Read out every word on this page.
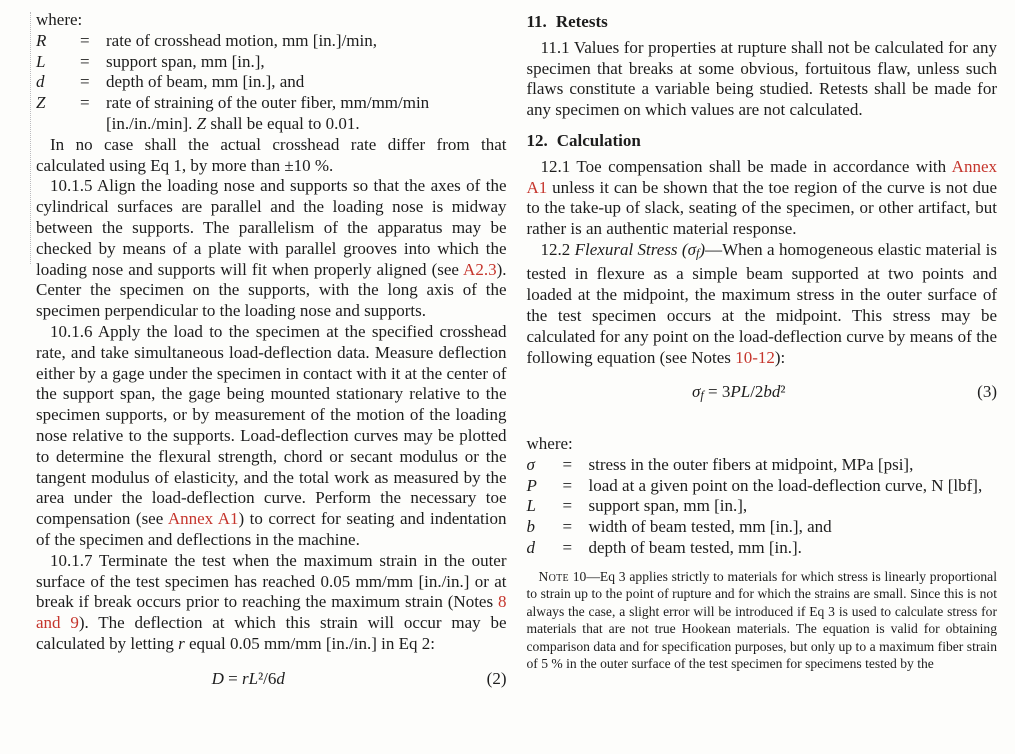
where:

R	= rate of crosshead motion, mm [in.]/min,
L	= support span, mm [in.],
d	= depth of beam, mm [in.], and
Z	= rate of straining of the outer fiber, mm/mm/min [in./in./min]. Z shall be equal to 0.01.

In no case shall the actual crosshead rate differ from that calculated using Eq 1, by more than ±10 %.

10.1.5 Align the loading nose and supports so that the axes of the cylindrical surfaces are parallel and the loading nose is midway between the supports. The parallelism of the apparatus may be checked by means of a plate with parallel grooves into which the loading nose and supports will fit when properly aligned (see A2.3). Center the specimen on the supports, with the long axis of the specimen perpendicular to the loading nose and supports.

10.1.6 Apply the load to the specimen at the specified crosshead rate, and take simultaneous load-deflection data. Measure deflection either by a gage under the specimen in contact with it at the center of the support span, the gage being mounted stationary relative to the specimen supports, or by measurement of the motion of the loading nose relative to the supports. Load-deflection curves may be plotted to determine the flexural strength, chord or secant modulus or the tangent modulus of elasticity, and the total work as measured by the area under the load-deflection curve. Perform the necessary toe compensation (see Annex A1) to correct for seating and indentation of the specimen and deflections in the machine.

10.1.7 Terminate the test when the maximum strain in the outer surface of the test specimen has reached 0.05 mm/mm [in./in.] or at break if break occurs prior to reaching the maximum strain (Notes 8 and 9). The deflection at which this strain will occur may be calculated by letting r equal 0.05 mm/mm [in./in.] in Eq 2:

D = rL²/6d	(2)
11. Retests

11.1 Values for properties at rupture shall not be calculated for any specimen that breaks at some obvious, fortuitous flaw, unless such flaws constitute a variable being studied. Retests shall be made for any specimen on which values are not calculated.

12. Calculation

12.1 Toe compensation shall be made in accordance with Annex A1 unless it can be shown that the toe region of the curve is not due to the take-up of slack, seating of the specimen, or other artifact, but rather is an authentic material response.

12.2 Flexural Stress (σf)—When a homogeneous elastic material is tested in flexure as a simple beam supported at two points and loaded at the midpoint, the maximum stress in the outer surface of the test specimen occurs at the midpoint. This stress may be calculated for any point on the load-deflection curve by means of the following equation (see Notes 10-12):

σf = 3PL/2bd²	(3)

where:

σ	= stress in the outer fibers at midpoint, MPa [psi],
P	= load at a given point on the load-deflection curve, N [lbf],
L	= support span, mm [in.],
b	= width of beam tested, mm [in.], and
d	= depth of beam tested, mm [in.].

Note 10—Eq 3 applies strictly to materials for which stress is linearly proportional to strain up to the point of rupture and for which the strains are small. Since this is not always the case, a slight error will be introduced if Eq 3 is used to calculate stress for materials that are not true Hookean materials. The equation is valid for obtaining comparison data and for specification purposes, but only up to a maximum fiber strain of 5 % in the outer surface of the test specimen for specimens tested by the
